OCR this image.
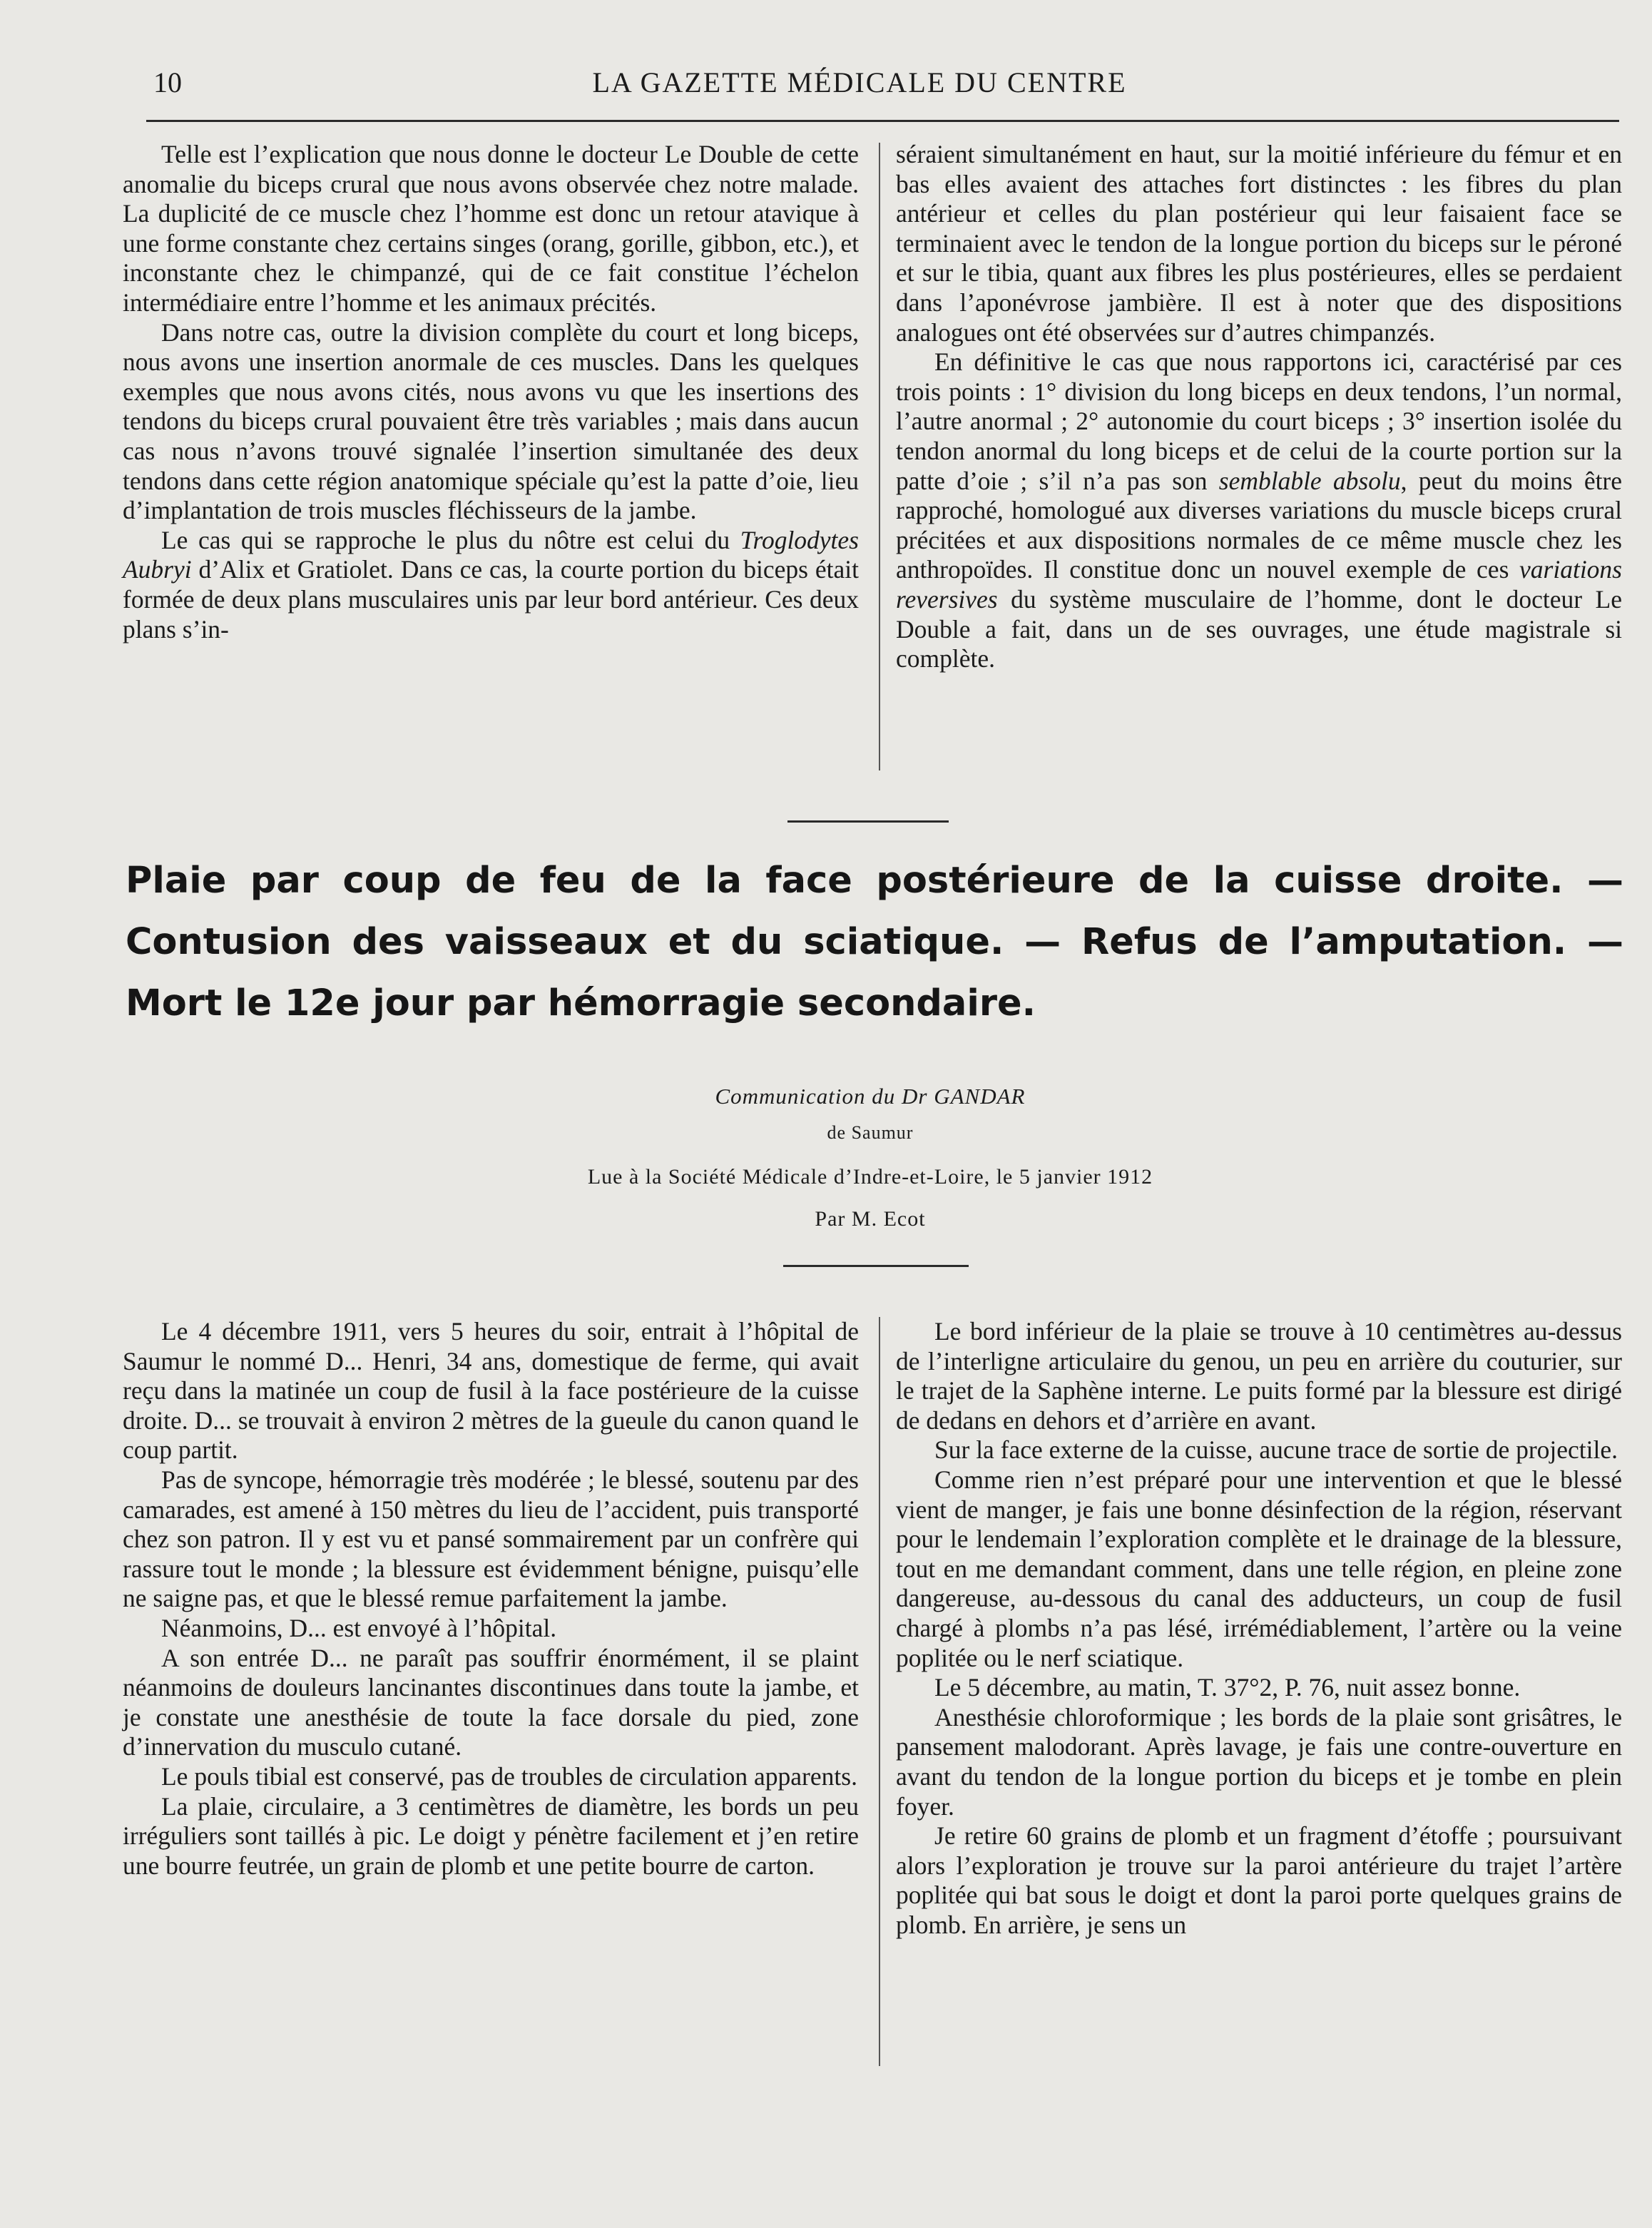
10	LA GAZETTE MÉDICALE DU CENTRE

Telle est l’explication que nous donne le docteur Le Double de cette anomalie du biceps crural que nous avons observée chez notre malade. La duplicité de ce muscle chez l’homme est donc un retour atavique à une forme constante chez certains singes (orang, gorille, gibbon, etc.), et inconstante chez le chimpanzé, qui de ce fait constitue l’échelon intermédiaire entre l’homme et les animaux précités.

Dans notre cas, outre la division complète du court et long biceps, nous avons une insertion anormale de ces muscles. Dans les quelques exemples que nous avons cités, nous avons vu que les insertions des tendons du biceps crural pouvaient être très variables ; mais dans aucun cas nous n’avons trouvé signalée l’insertion simultanée des deux tendons dans cette région anatomique spéciale qu’est la patte d’oie, lieu d’implantation de trois muscles fléchisseurs de la jambe.

Le cas qui se rapproche le plus du nôtre est celui du Troglodytes Aubryi d’Alix et Gratiolet. Dans ce cas, la courte portion du biceps était formée de deux plans musculaires unis par leur bord antérieur. Ces deux plans s’in-

séraient simultanément en haut, sur la moitié inférieure du fémur et en bas elles avaient des attaches fort distinctes : les fibres du plan antérieur et celles du plan postérieur qui leur faisaient face se terminaient avec le tendon de la longue portion du biceps sur le péroné et sur le tibia, quant aux fibres les plus postérieures, elles se perdaient dans l’aponévrose jambière. Il est à noter que des dispositions analogues ont été observées sur d’autres chimpanzés.

En définitive le cas que nous rapportons ici, caractérisé par ces trois points : 1° division du long biceps en deux tendons, l’un normal, l’autre anormal ; 2° autonomie du court biceps ; 3° insertion isolée du tendon anormal du long biceps et de celui de la courte portion sur la patte d’oie ; s’il n’a pas son semblable absolu, peut du moins être rapproché, homologué aux diverses variations du muscle biceps crural précitées et aux dispositions normales de ce même muscle chez les anthropoïdes. Il constitue donc un nouvel exemple de ces variations reversives du système musculaire de l’homme, dont le docteur Le Double a fait, dans un de ses ouvrages, une étude magistrale si complète.

Plaie par coup de feu de la face postérieure de la cuisse droite. — Contusion des vaisseaux et du sciatique. — Refus de l’amputation. — Mort le 12e jour par hémorragie secondaire.
Communication du Dr GANDAR
de Saumur
Lue à la Société Médicale d’Indre-et-Loire, le 5 janvier 1912
Par M. Ecot

Le 4 décembre 1911, vers 5 heures du soir, entrait à l’hôpital de Saumur le nommé D... Henri, 34 ans, domestique de ferme, qui avait reçu dans la matinée un coup de fusil à la face postérieure de la cuisse droite. D... se trouvait à environ 2 mètres de la gueule du canon quand le coup partit.

Pas de syncope, hémorragie très modérée ; le blessé, soutenu par des camarades, est amené à 150 mètres du lieu de l’accident, puis transporté chez son patron. Il y est vu et pansé sommairement par un confrère qui rassure tout le monde ; la blessure est évidemment bénigne, puisqu’elle ne saigne pas, et que le blessé remue parfaitement la jambe.

Néanmoins, D... est envoyé à l’hôpital.

A son entrée D... ne paraît pas souffrir énormément, il se plaint néanmoins de douleurs lancinantes discontinues dans toute la jambe, et je constate une anesthésie de toute la face dorsale du pied, zone d’innervation du musculo cutané.

Le pouls tibial est conservé, pas de troubles de circulation apparents.

La plaie, circulaire, a 3 centimètres de diamètre, les bords un peu irréguliers sont taillés à pic. Le doigt y pénètre facilement et j’en retire une bourre feutrée, un grain de plomb et une petite bourre de carton.

Le bord inférieur de la plaie se trouve à 10 centimètres au-dessus de l’interligne articulaire du genou, un peu en arrière du couturier, sur le trajet de la Saphène interne. Le puits formé par la blessure est dirigé de dedans en dehors et d’arrière en avant.

Sur la face externe de la cuisse, aucune trace de sortie de projectile.

Comme rien n’est préparé pour une intervention et que le blessé vient de manger, je fais une bonne désinfection de la région, réservant pour le lendemain l’exploration complète et le drainage de la blessure, tout en me demandant comment, dans une telle région, en pleine zone dangereuse, au-dessous du canal des adducteurs, un coup de fusil chargé à plombs n’a pas lésé, irrémédiablement, l’artère ou la veine poplitée ou le nerf sciatique.

Le 5 décembre, au matin, T. 37°2, P. 76, nuit assez bonne.

Anesthésie chloroformique ; les bords de la plaie sont grisâtres, le pansement malodorant. Après lavage, je fais une contre-ouverture en avant du tendon de la longue portion du biceps et je tombe en plein foyer.

Je retire 60 grains de plomb et un fragment d’étoffe ; poursuivant alors l’exploration je trouve sur la paroi antérieure du trajet l’artère poplitée qui bat sous le doigt et dont la paroi porte quelques grains de plomb. En arrière, je sens un
